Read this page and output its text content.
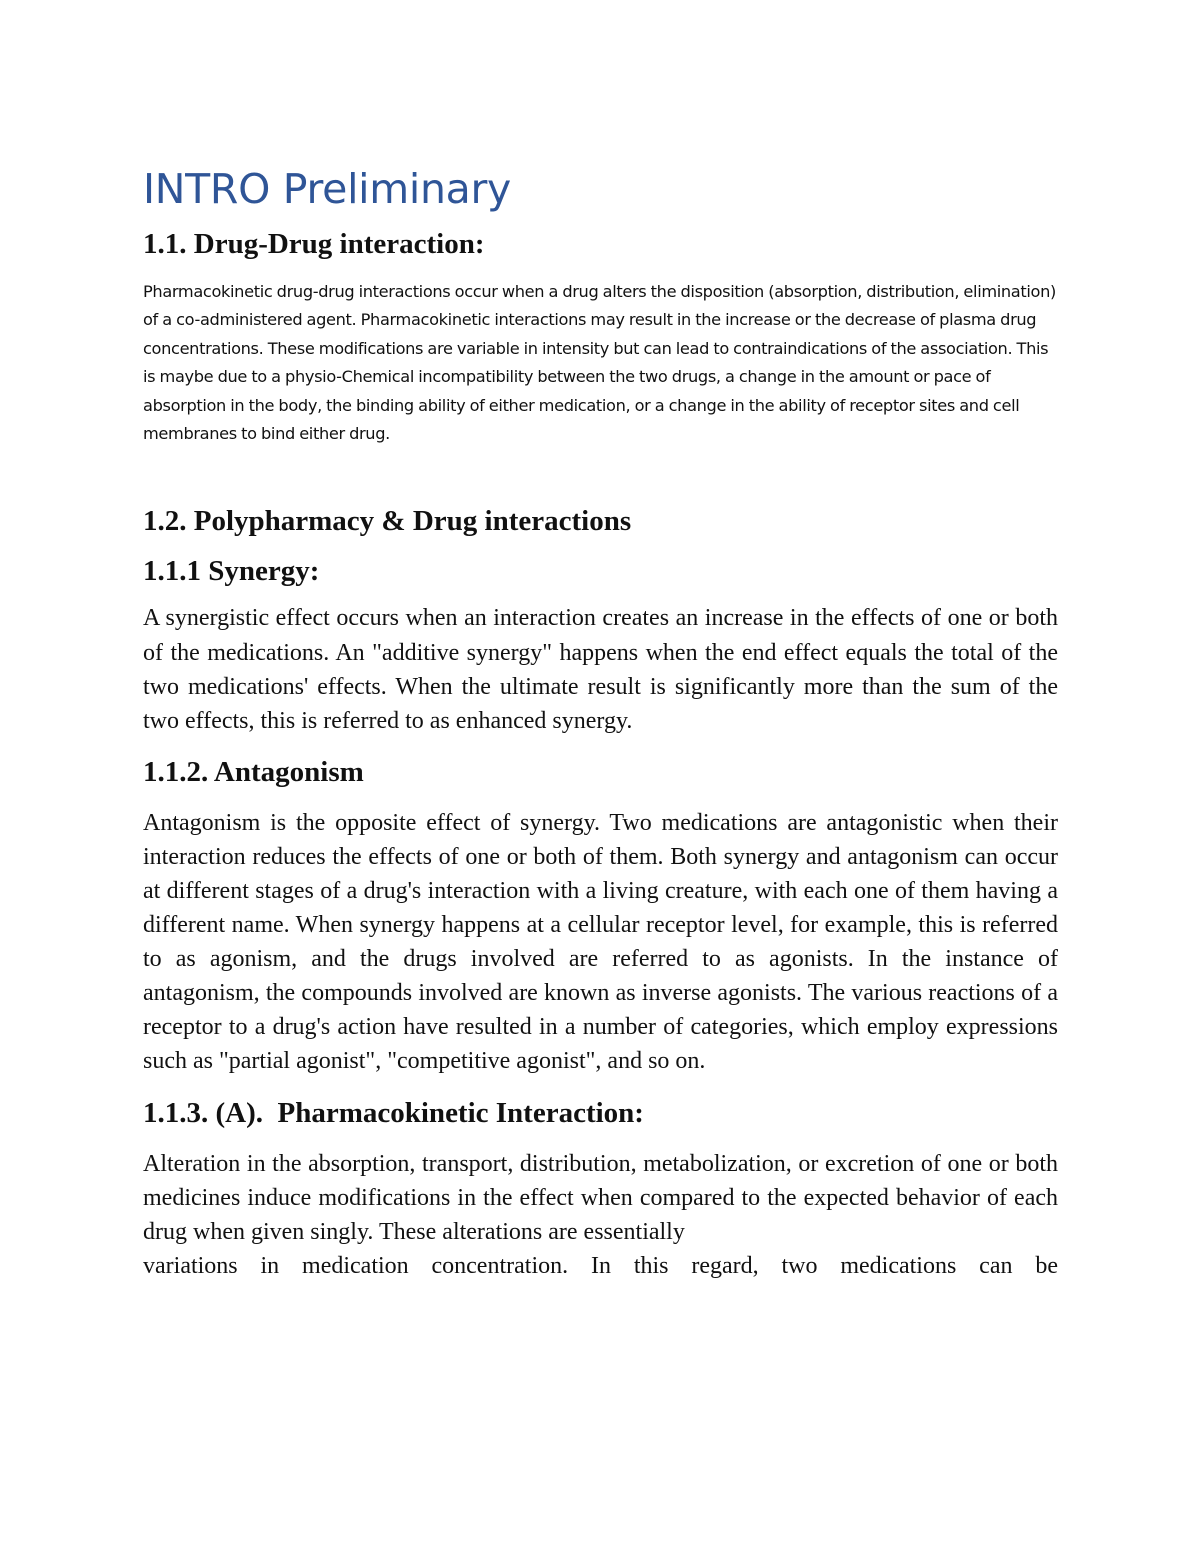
INTRO Preliminary
1.1. Drug-Drug interaction:

Pharmacokinetic drug-drug interactions occur when a drug alters the disposition (absorption, distribution, elimination) of a co-administered agent. Pharmacokinetic interactions may result in the increase or the decrease of plasma drug concentrations. These modifications are variable in intensity but can lead to contraindications of the association. This is maybe due to a physio-Chemical incompatibility between the two drugs, a change in the amount or pace of absorption in the body, the binding ability of either medication, or a change in the ability of receptor sites and cell membranes to bind either drug.

1.2. Polypharmacy & Drug interactions
1.1.1 Synergy:

A synergistic effect occurs when an interaction creates an increase in the effects of one or both of the medications. An "additive synergy" happens when the end effect equals the total of the two medications' effects. When the ultimate result is significantly more than the sum of the two effects, this is referred to as enhanced synergy.

1.1.2. Antagonism

Antagonism is the opposite effect of synergy. Two medications are antagonistic when their interaction reduces the effects of one or both of them. Both synergy and antagonism can occur at different stages of a drug's interaction with a living creature, with each one of them having a different name. When synergy happens at a cellular receptor level, for example, this is referred to as agonism, and the drugs involved are referred to as agonists. In the instance of antagonism, the compounds involved are known as inverse agonists. The various reactions of a receptor to a drug's action have resulted in a number of categories, which employ expressions such as "partial agonist", "competitive agonist", and so on.

1.1.3. (A).  Pharmacokinetic Interaction:

Alteration in the absorption, transport, distribution, metabolization, or excretion of one or both medicines induce modifications in the effect when compared to the expected behavior of each drug when given singly. These alterations are essentially
variations in medication concentration. In this regard, two medications can be
